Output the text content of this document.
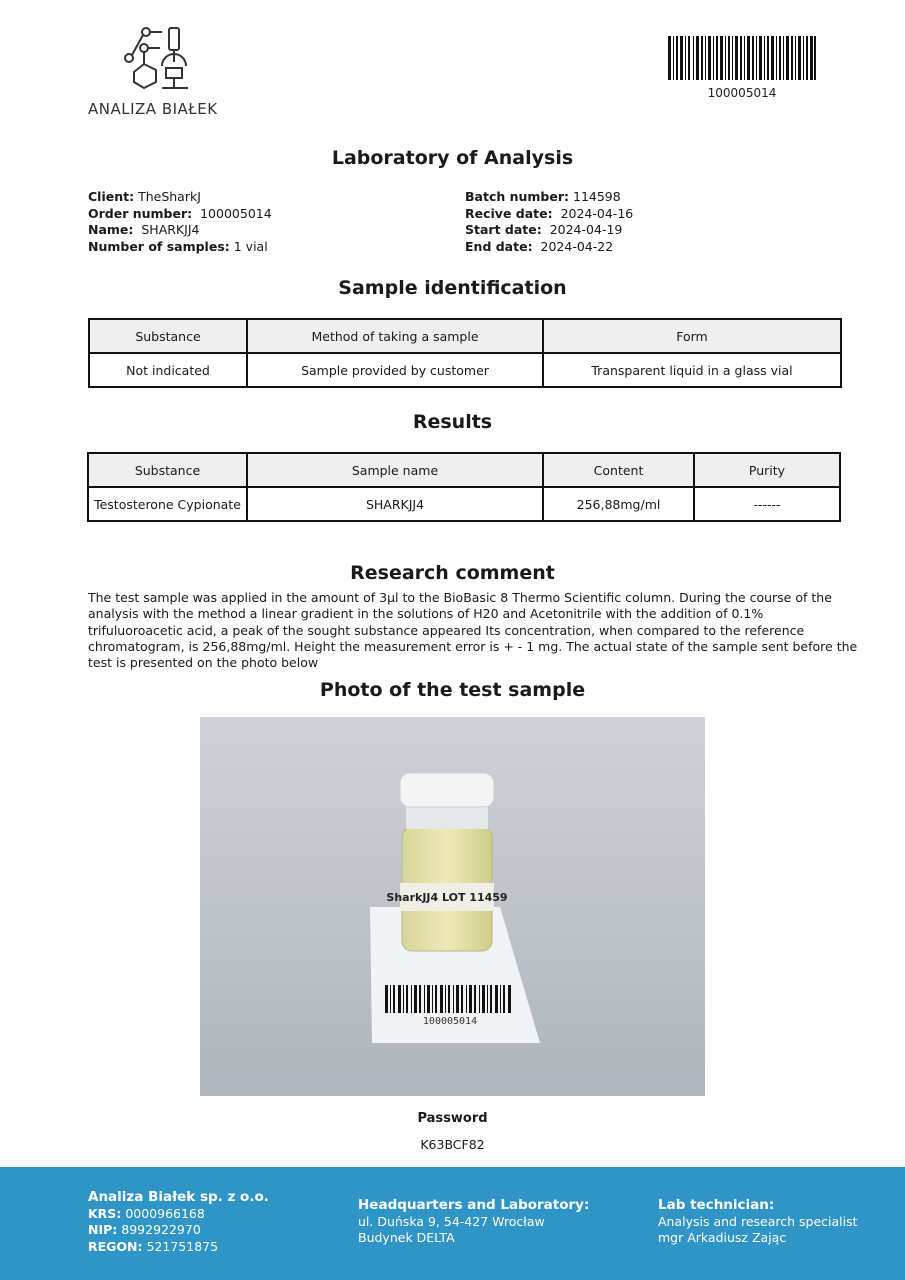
ANALIZA BIAŁEK
100005014
Laboratory of Analysis
Client: TheSharkJ
Order number: 100005014
Name: SHARKJJ4
Number of samples: 1 vial
Batch number: 114598
Recive date: 2024-04-16
Start date: 2024-04-19
End date: 2024-04-22
Sample identification
Substance	Method of taking a sample	Form
Not indicated	Sample provided by customer	Transparent liquid in a glass vial
Results
Substance	Sample name	Content	Purity
Testosterone Cypionate	SHARKJJ4	256,88mg/ml	------
Research comment
The test sample was applied in the amount of 3µl to the BioBasic 8 Thermo Scientific column. During the course of the analysis with the method a linear gradient in the solutions of H20 and Acetonitrile with the addition of 0.1% trifuluoroacetic acid, a peak of the sought substance appeared Its concentration, when compared to the reference chromatogram, is 256,88mg/ml. Height the measurement error is + - 1 mg. The actual state of the sample sent before the test is presented on the photo below
Photo of the test sample
SharkJJ4 LOT 11459
100005014
Password
K63BCF82
Analiza Białek sp. z o.o.
KRS: 0000966168
NIP: 8992922970
REGON: 521751875
Headquarters and Laboratory:
ul. Duńska 9, 54-427 Wrocław
Budynek DELTA
Lab technician:
Analysis and research specialist
mgr Arkadiusz Zając
